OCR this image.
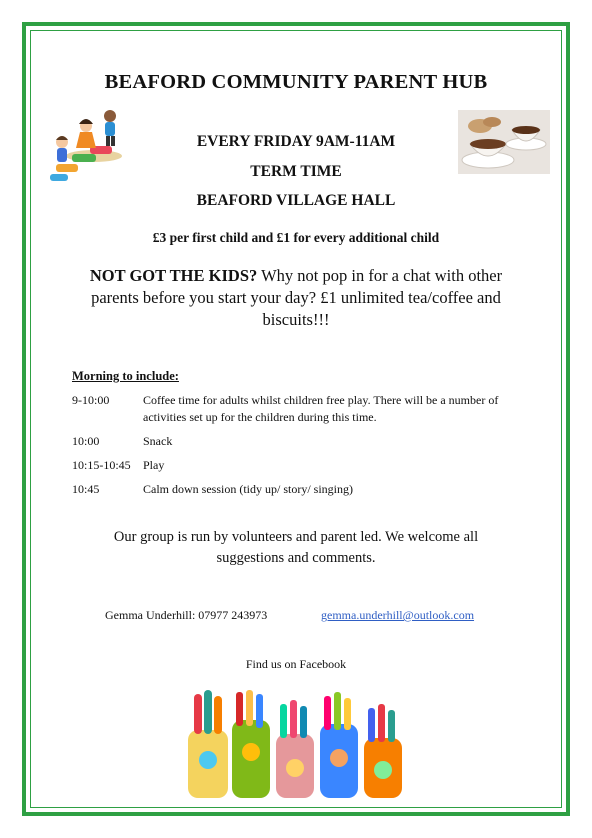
BEAFORD COMMUNITY PARENT HUB
EVERY FRIDAY 9AM-11AM
TERM TIME
BEAFORD VILLAGE HALL
£3 per first child and £1 for every additional child
NOT GOT THE KIDS? Why not pop in for a chat with other parents before you start your day? £1 unlimited tea/coffee and biscuits!!!
Morning to include:
9-10:00	Coffee time for adults whilst children free play. There will be a number of activities set up for the children during this time.
10:00	Snack
10:15-10:45 Play
10:45	Calm down session (tidy up/ story/ singing)
Our group is run by volunteers and parent led. We welcome all suggestions and comments.
Gemma Underhill: 07977 243973	gemma.underhill@outlook.com
Find us on Facebook
